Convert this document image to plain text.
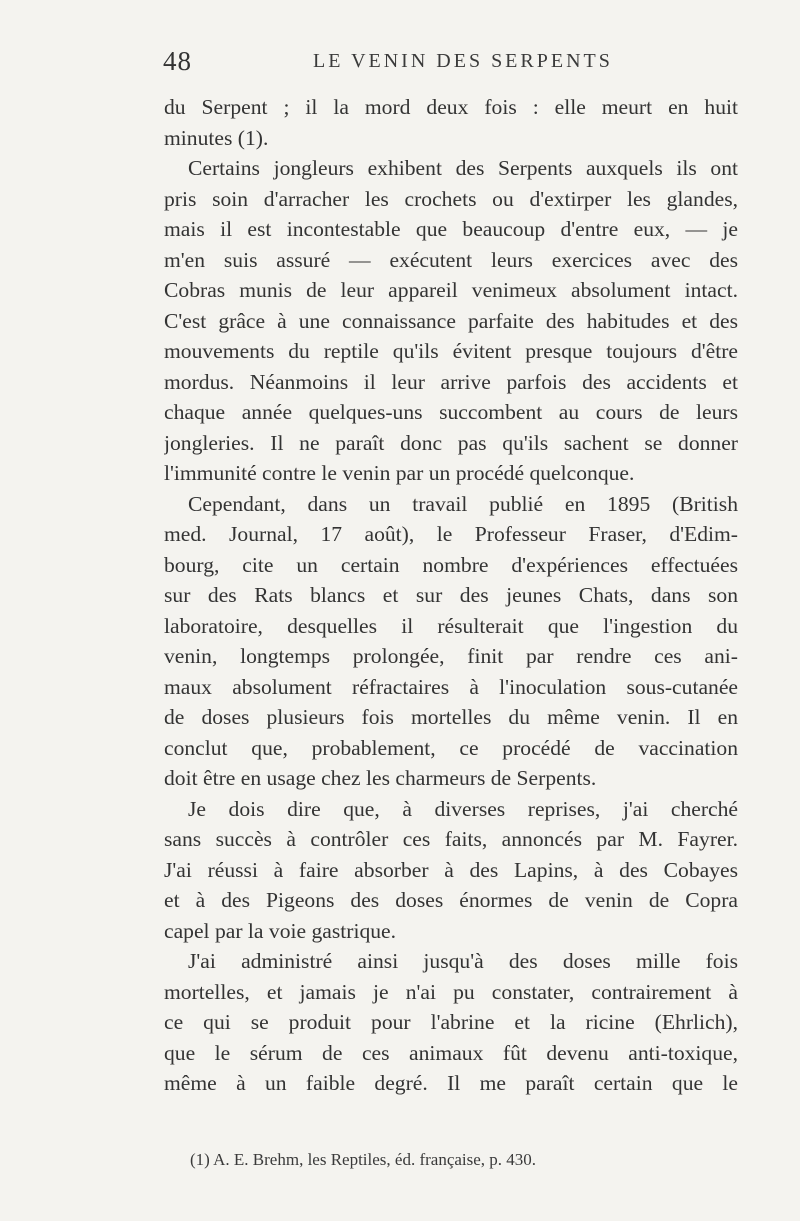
48	LE VENIN DES SERPENTS
du Serpent ; il la mord deux fois : elle meurt en huit
minutes (1).
Certains jongleurs exhibent des Serpents auxquels ils ont
pris soin d'arracher les crochets ou d'extirper les glandes,
mais il est incontestable que beaucoup d'entre eux, — je
m'en suis assuré — exécutent leurs exercices avec des
Cobras munis de leur appareil venimeux absolument intact.
C'est grâce à une connaissance parfaite des habitudes et des
mouvements du reptile qu'ils évitent presque toujours d'être
mordus. Néanmoins il leur arrive parfois des accidents et
chaque année quelques-uns succombent au cours de leurs
jongleries. Il ne paraît donc pas qu'ils sachent se donner
l'immunité contre le venin par un procédé quelconque.
Cependant, dans un travail publié en 1895 (British
med. Journal, 17 août), le Professeur Fraser, d'Edim-
bourg, cite un certain nombre d'expériences effectuées
sur des Rats blancs et sur des jeunes Chats, dans son
laboratoire, desquelles il résulterait que l'ingestion du
venin, longtemps prolongée, finit par rendre ces ani-
maux absolument réfractaires à l'inoculation sous-cutanée
de doses plusieurs fois mortelles du même venin. Il en
conclut que, probablement, ce procédé de vaccination
doit être en usage chez les charmeurs de Serpents.
Je dois dire que, à diverses reprises, j'ai cherché
sans succès à contrôler ces faits, annoncés par M. Fayrer.
J'ai réussi à faire absorber à des Lapins, à des Cobayes
et à des Pigeons des doses énormes de venin de Copra
capel par la voie gastrique.
J'ai administré ainsi jusqu'à des doses mille fois
mortelles, et jamais je n'ai pu constater, contrairement à
ce qui se produit pour l'abrine et la ricine (Ehrlich),
que le sérum de ces animaux fût devenu anti-toxique,
même à un faible degré. Il me paraît certain que le
(1) A. E. Brehm, les Reptiles, éd. française, p. 430.
